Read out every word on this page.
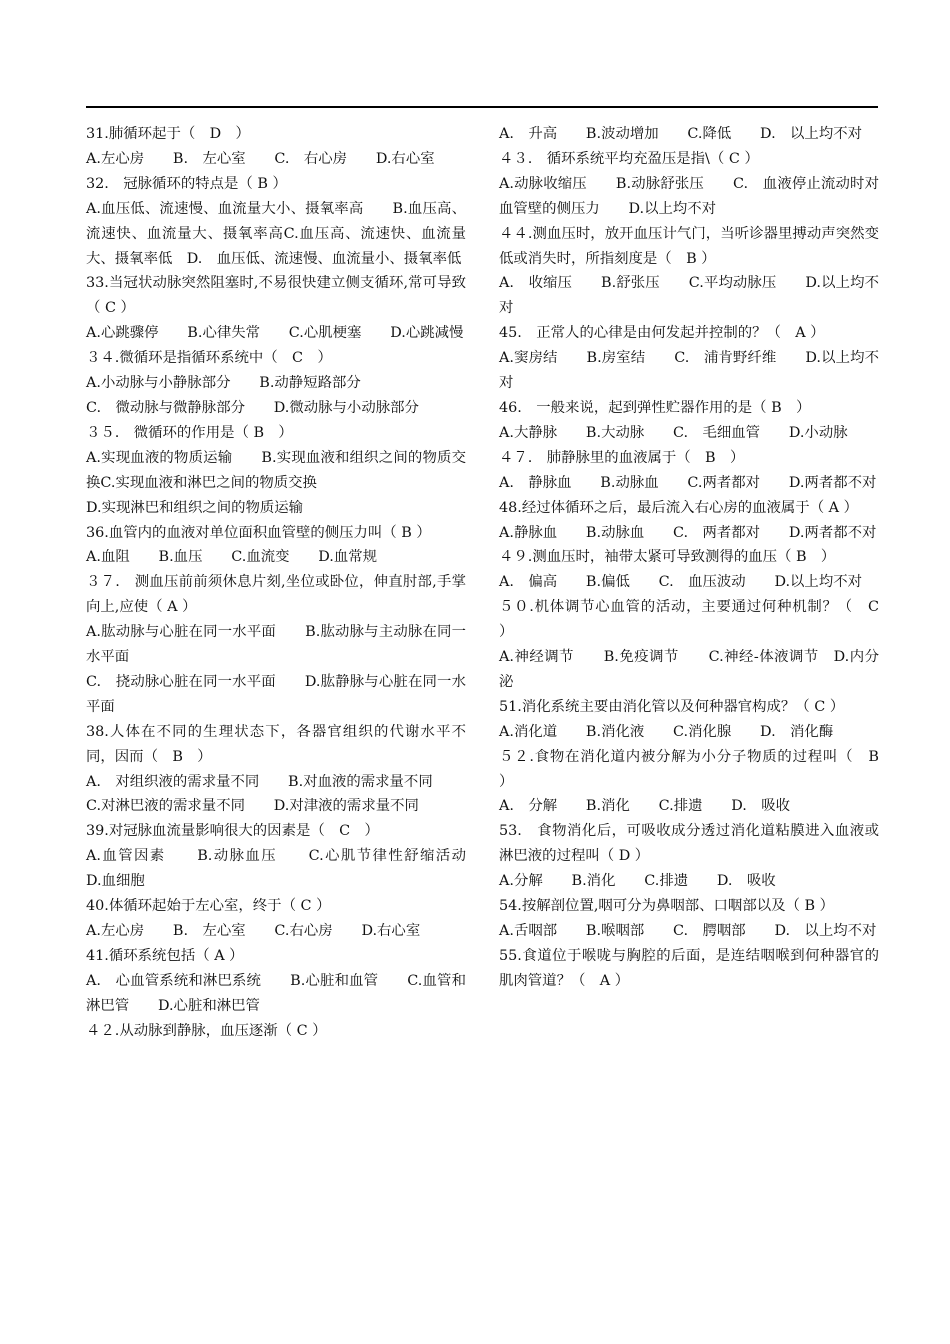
31.肺循环起于（　D　）

A.左心房　　B.　左心室　　C.　右心房　　D.右心室

32.　冠脉循环的特点是（ B ）

A.血压低、流速慢、血流量大小、摄氧率高　　B.血压高、流速快、血流量大、摄氧率高C.血压高、流速快、血流量大、摄氧率低　D.　血压低、流速慢、血流量小、摄氧率低

33.当冠状动脉突然阻塞时,不易很快建立侧支循环,常可导致（ C ）

A.心跳骤停　　B.心律失常　　C.心肌梗塞　　D.心跳减慢

３４.微循环是指循环系统中（　C　）

A.小动脉与小静脉部分　　B.动静短路部分

C.　微动脉与微静脉部分　　D.微动脉与小动脉部分

３５.　微循环的作用是（ B　）

A.实现血液的物质运输　　B.实现血液和组织之间的物质交换C.实现血液和淋巴之间的物质交换

D.实现淋巴和组织之间的物质运输

36.血管内的血液对单位面积血管壁的侧压力叫（ B ）

A.血阻　　B.血压　　C.血流变　　D.血常规

３７.　测血压前前须休息片刻,坐位或卧位，伸直肘部,手掌向上,应使（ A ）

A.肱动脉与心脏在同一水平面　　B.肱动脉与主动脉在同一水平面

C.　挠动脉心脏在同一水平面　　D.肱静脉与心脏在同一水平面

38.人体在不同的生理状态下，各器官组织的代谢水平不同，因而（　B　）

A.　对组织液的需求量不同　　B.对血液的需求量不同

C.对淋巴液的需求量不同　　D.对津液的需求量不同

39.对冠脉血流量影响很大的因素是（　C　）

A.血管因素　　B.动脉血压　　C.心肌节律性舒缩活动　　D.血细胞

40.体循环起始于左心室，终于（ C ）

A.左心房　　B.　左心室　　C.右心房　　D.右心室

41.循环系统包括（ A ）

A.　心血管系统和淋巴系统　　B.心脏和血管　　C.血管和淋巴管　　D.心脏和淋巴管

４２.从动脉到静脉，血压逐渐（ C ）

A.　升高　　B.波动增加　　C.降低　　D.　以上均不对

４３.　循环系统平均充盈压是指\（ C ）

A.动脉收缩压　　B.动脉舒张压　　C.　血液停止流动时对血管壁的侧压力　　D.以上均不对

４４.测血压时，放开血压计气门，当听诊器里搏动声突然变低或消失时，所指刻度是（　B ）

A.　收缩压　　B.舒张压　　C.平均动脉压　　D.以上均不对

45.　正常人的心律是由何发起并控制的？（　A ）

A.窦房结　　B.房室结　　C.　浦肯野纤维　　D.以上均不对

46.　一般来说，起到弹性贮器作用的是（ B　）

A.大静脉　　B.大动脉　　C.　毛细血管　　D.小动脉

４７.　肺静脉里的血液属于（　B　）

A.　静脉血　　B.动脉血　　C.两者都对　　D.两者都不对

48.经过体循环之后，最后流入右心房的血液属于（ A ）

A.静脉血　　B.动脉血　　C.　两者都对　　D.两者都不对

４９.测血压时，袖带太紧可导致测得的血压（ B　）

A.　偏高　　B.偏低　　C.　血压波动　　D.以上均不对

５０.机体调节心血管的活动，主要通过何种机制？（　C　）

A.神经调节　　B.免疫调节　　C.神经-体液调节　D.内分泌

51.消化系统主要由消化管以及何种器官构成？（ C ）

A.消化道　　B.消化液　　C.消化腺　　D.　消化酶

５２.食物在消化道内被分解为小分子物质的过程叫（　B　）

A.　分解　　B.消化　　C.排遗　　D.　吸收

53.　食物消化后，可吸收成分透过消化道粘膜进入血液或淋巴液的过程叫（ D ）

A.分解　　B.消化　　C.排遗　　D.　吸收

54.按解剖位置,咽可分为鼻咽部、口咽部以及（ B ）

A.舌咽部　　B.喉咽部　　C.　腭咽部　　D.　以上均不对

55.食道位于喉咙与胸腔的后面，是连结咽喉到何种器官的肌肉管道？（　A ）
